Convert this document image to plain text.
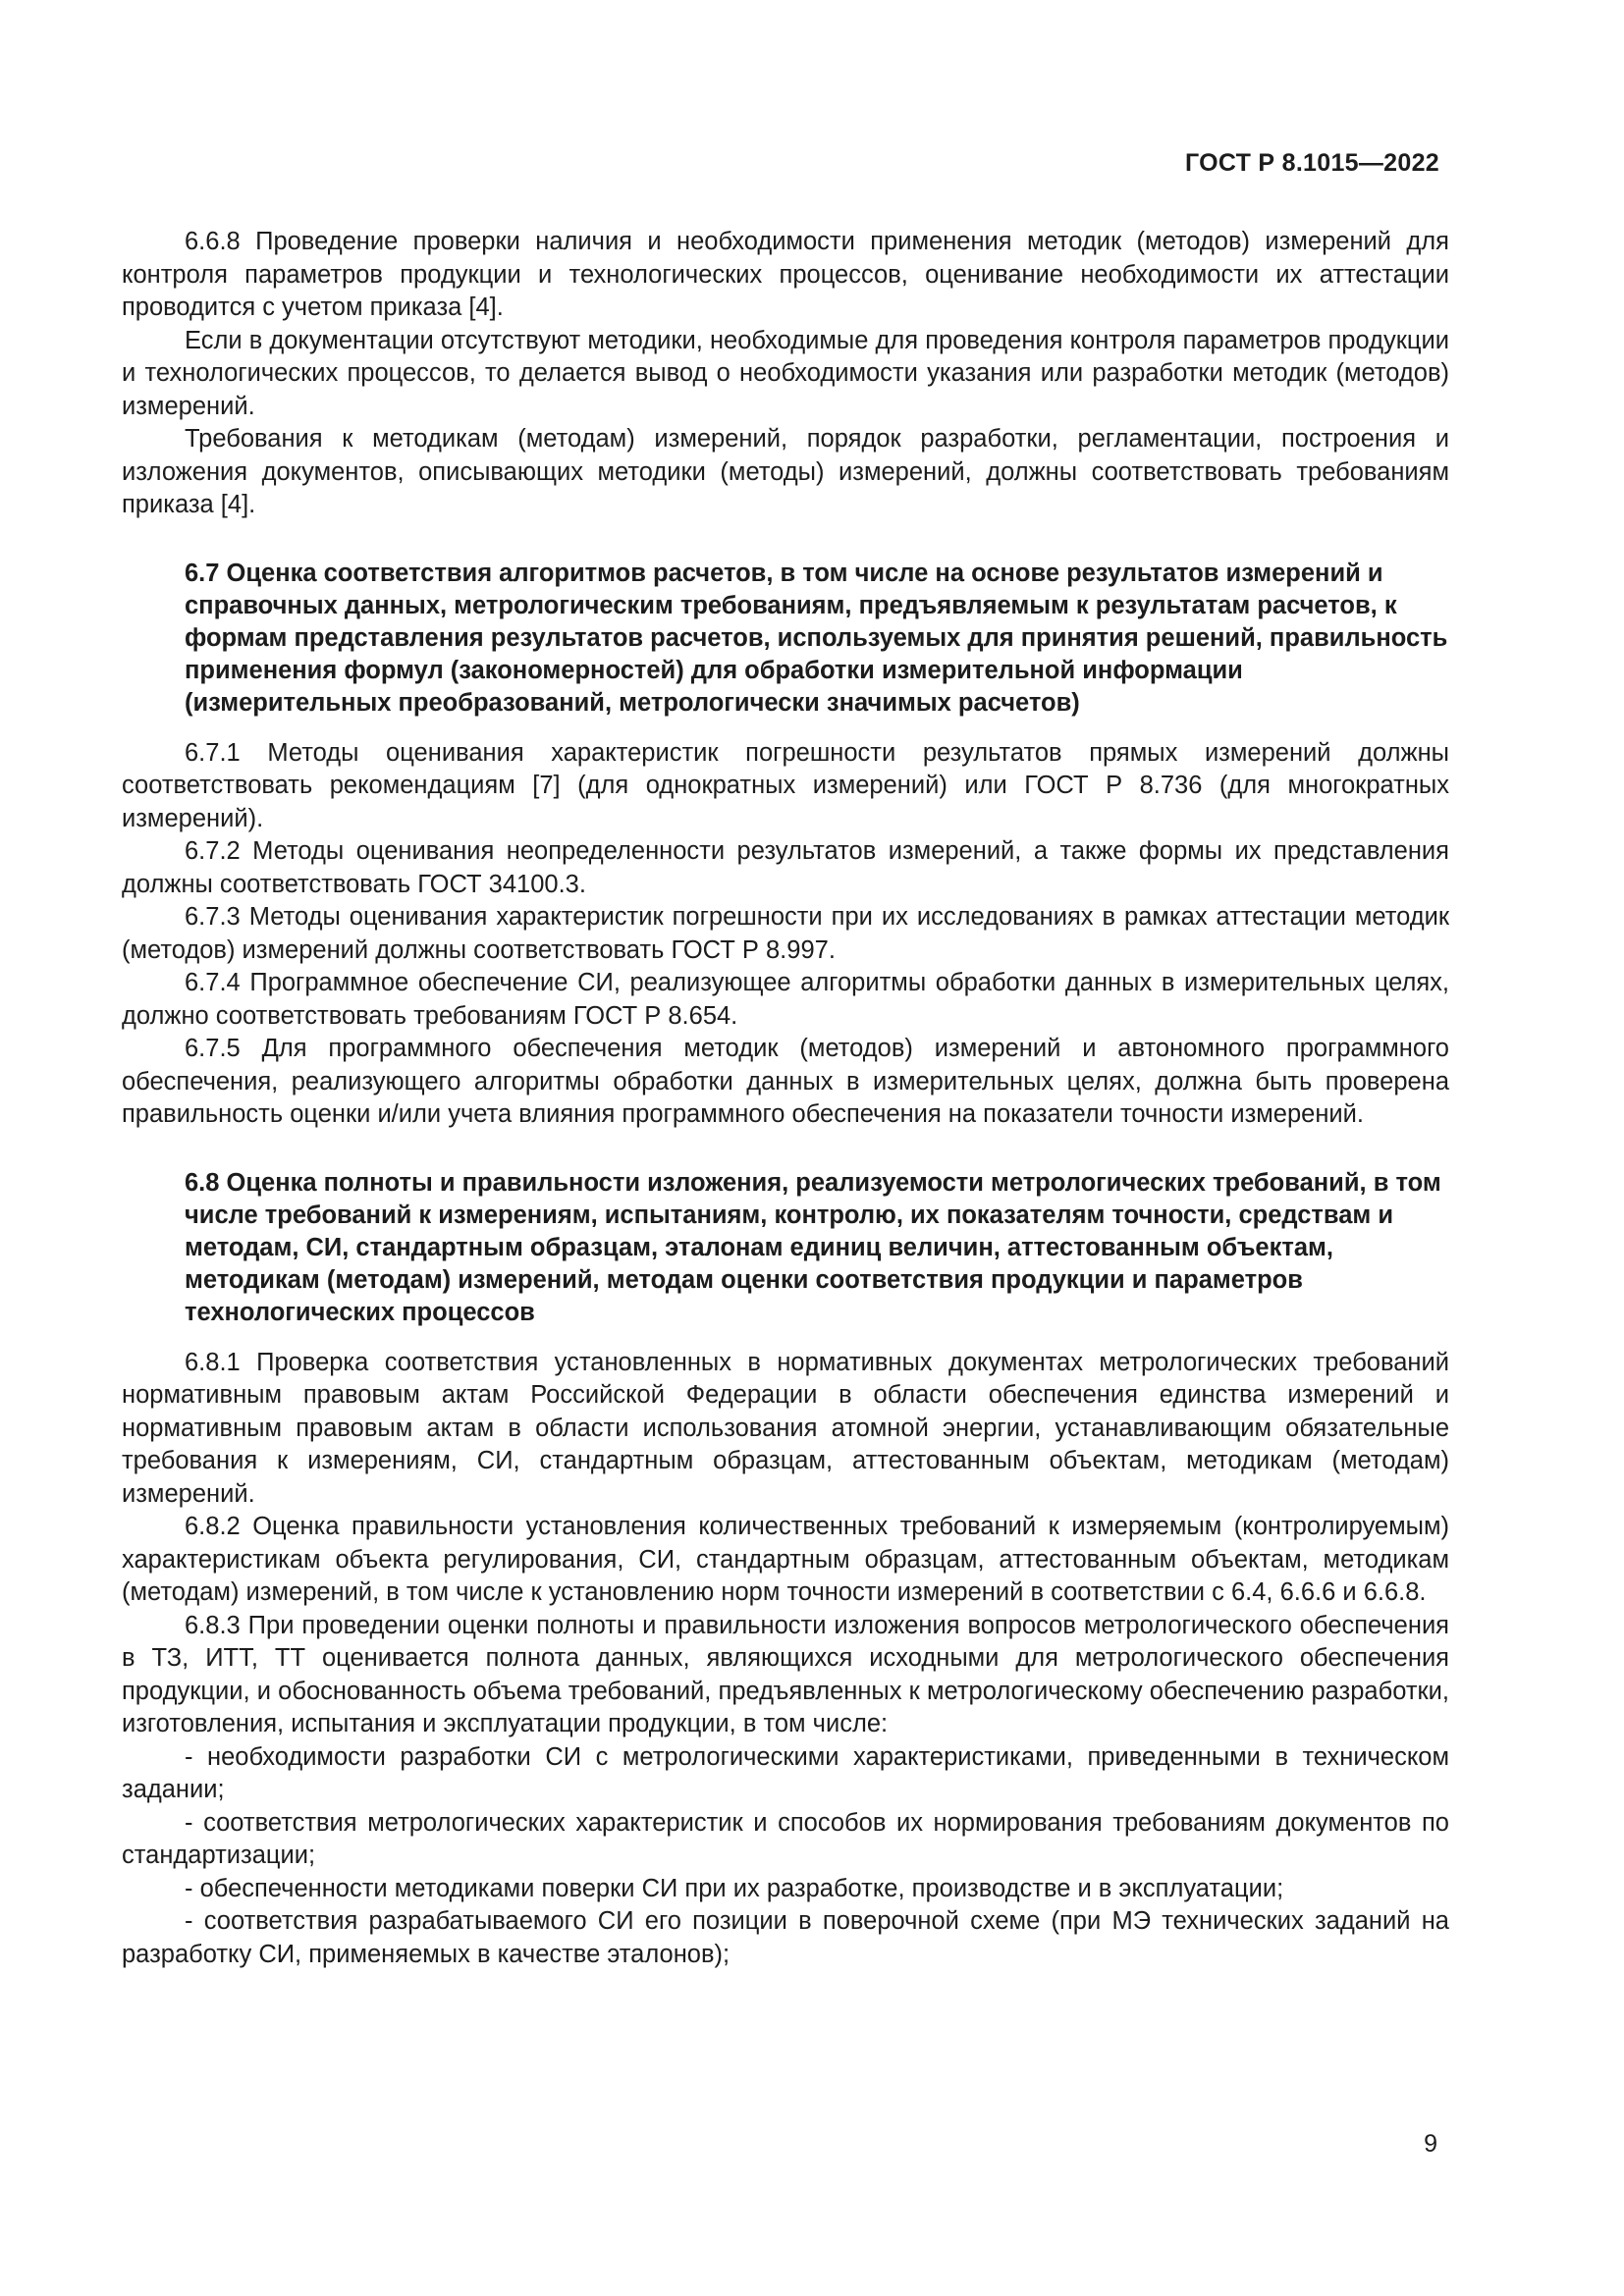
ГОСТ Р 8.1015—2022

6.6.8 Проведение проверки наличия и необходимости применения методик (методов) измерений для контроля параметров продукции и технологических процессов, оценивание необходимости их аттестации проводится с учетом приказа [4].

Если в документации отсутствуют методики, необходимые для проведения контроля параметров продукции и технологических процессов, то делается вывод о необходимости указания или разработки методик (методов) измерений.

Требования к методикам (методам) измерений, порядок разработки, регламентации, построения и изложения документов, описывающих методики (методы) измерений, должны соответствовать требованиям приказа [4].

6.7 Оценка соответствия алгоритмов расчетов, в том числе на основе результатов измерений и справочных данных, метрологическим требованиям, предъявляемым к результатам расчетов, к формам представления результатов расчетов, используемых для принятия решений, правильность применения формул (закономерностей) для обработки измерительной информации (измерительных преобразований, метрологически значимых расчетов)

6.7.1 Методы оценивания характеристик погрешности результатов прямых измерений должны соответствовать рекомендациям [7] (для однократных измерений) или ГОСТ Р 8.736 (для многократных измерений).

6.7.2 Методы оценивания неопределенности результатов измерений, а также формы их представления должны соответствовать ГОСТ 34100.3.

6.7.3 Методы оценивания характеристик погрешности при их исследованиях в рамках аттестации методик (методов) измерений должны соответствовать ГОСТ Р 8.997.

6.7.4 Программное обеспечение СИ, реализующее алгоритмы обработки данных в измерительных целях, должно соответствовать требованиям ГОСТ Р 8.654.

6.7.5 Для программного обеспечения методик (методов) измерений и автономного программного обеспечения, реализующего алгоритмы обработки данных в измерительных целях, должна быть проверена правильность оценки и/или учета влияния программного обеспечения на показатели точности измерений.

6.8 Оценка полноты и правильности изложения, реализуемости метрологических требований, в том числе требований к измерениям, испытаниям, контролю, их показателям точности, средствам и методам, СИ, стандартным образцам, эталонам единиц величин, аттестованным объектам, методикам (методам) измерений, методам оценки соответствия продукции и параметров технологических процессов

6.8.1 Проверка соответствия установленных в нормативных документах метрологических требований нормативным правовым актам Российской Федерации в области обеспечения единства измерений и нормативным правовым актам в области использования атомной энергии, устанавливающим обязательные требования к измерениям, СИ, стандартным образцам, аттестованным объектам, методикам (методам) измерений.

6.8.2 Оценка правильности установления количественных требований к измеряемым (контролируемым) характеристикам объекта регулирования, СИ, стандартным образцам, аттестованным объектам, методикам (методам) измерений, в том числе к установлению норм точности измерений в соответствии с 6.4, 6.6.6 и 6.6.8.

6.8.3 При проведении оценки полноты и правильности изложения вопросов метрологического обеспечения в ТЗ, ИТТ, ТТ оценивается полнота данных, являющихся исходными для метрологического обеспечения продукции, и обоснованность объема требований, предъявленных к метрологическому обеспечению разработки, изготовления, испытания и эксплуатации продукции, в том числе:

- необходимости разработки СИ с метрологическими характеристиками, приведенными в техническом задании;

- соответствия метрологических характеристик и способов их нормирования требованиям документов по стандартизации;

- обеспеченности методиками поверки СИ при их разработке, производстве и в эксплуатации;

- соответствия разрабатываемого СИ его позиции в поверочной схеме (при МЭ технических заданий на разработку СИ, применяемых в качестве эталонов);

9
